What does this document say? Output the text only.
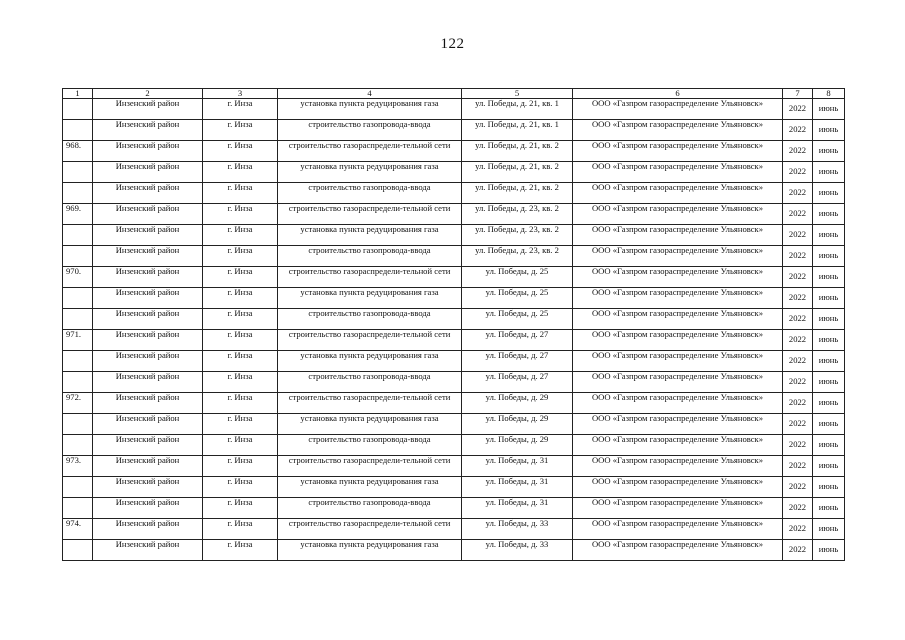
122
1	2	3	4	5	6	7	8
	Инзенский район	г. Инза	установка пункта редуцирования газа	ул. Победы, д. 21, кв. 1	ООО «Газпром газораспределение Ульяновск»	2022	июнь
	Инзенский район	г. Инза	строительство газопровода-ввода	ул. Победы, д. 21, кв. 1	ООО «Газпром газораспределение Ульяновск»	2022	июнь
968.	Инзенский район	г. Инза	строительство газораспредели-тельной сети	ул. Победы, д. 21, кв. 2	ООО «Газпром газораспределение Ульяновск»	2022	июнь
	Инзенский район	г. Инза	установка пункта редуцирования газа	ул. Победы, д. 21, кв. 2	ООО «Газпром газораспределение Ульяновск»	2022	июнь
	Инзенский район	г. Инза	строительство газопровода-ввода	ул. Победы, д. 21, кв. 2	ООО «Газпром газораспределение Ульяновск»	2022	июнь
969.	Инзенский район	г. Инза	строительство газораспредели-тельной сети	ул. Победы, д. 23, кв. 2	ООО «Газпром газораспределение Ульяновск»	2022	июнь
	Инзенский район	г. Инза	установка пункта редуцирования газа	ул. Победы, д. 23, кв. 2	ООО «Газпром газораспределение Ульяновск»	2022	июнь
	Инзенский район	г. Инза	строительство газопровода-ввода	ул. Победы, д. 23, кв. 2	ООО «Газпром газораспределение Ульяновск»	2022	июнь
970.	Инзенский район	г. Инза	строительство газораспредели-тельной сети	ул. Победы, д. 25	ООО «Газпром газораспределение Ульяновск»	2022	июнь
	Инзенский район	г. Инза	установка пункта редуцирования газа	ул. Победы, д. 25	ООО «Газпром газораспределение Ульяновск»	2022	июнь
	Инзенский район	г. Инза	строительство газопровода-ввода	ул. Победы, д. 25	ООО «Газпром газораспределение Ульяновск»	2022	июнь
971.	Инзенский район	г. Инза	строительство газораспредели-тельной сети	ул. Победы, д. 27	ООО «Газпром газораспределение Ульяновск»	2022	июнь
	Инзенский район	г. Инза	установка пункта редуцирования газа	ул. Победы, д. 27	ООО «Газпром газораспределение Ульяновск»	2022	июнь
	Инзенский район	г. Инза	строительство газопровода-ввода	ул. Победы, д. 27	ООО «Газпром газораспределение Ульяновск»	2022	июнь
972.	Инзенский район	г. Инза	строительство газораспредели-тельной сети	ул. Победы, д. 29	ООО «Газпром газораспределение Ульяновск»	2022	июнь
	Инзенский район	г. Инза	установка пункта редуцирования газа	ул. Победы, д. 29	ООО «Газпром газораспределение Ульяновск»	2022	июнь
	Инзенский район	г. Инза	строительство газопровода-ввода	ул. Победы, д. 29	ООО «Газпром газораспределение Ульяновск»	2022	июнь
973.	Инзенский район	г. Инза	строительство газораспредели-тельной сети	ул. Победы, д. 31	ООО «Газпром газораспределение Ульяновск»	2022	июнь
	Инзенский район	г. Инза	установка пункта редуцирования газа	ул. Победы, д. 31	ООО «Газпром газораспределение Ульяновск»	2022	июнь
	Инзенский район	г. Инза	строительство газопровода-ввода	ул. Победы, д. 31	ООО «Газпром газораспределение Ульяновск»	2022	июнь
974.	Инзенский район	г. Инза	строительство газораспредели-тельной сети	ул. Победы, д. 33	ООО «Газпром газораспределение Ульяновск»	2022	июнь
	Инзенский район	г. Инза	установка пункта редуцирования газа	ул. Победы, д. 33	ООО «Газпром газораспределение Ульяновск»	2022	июнь
